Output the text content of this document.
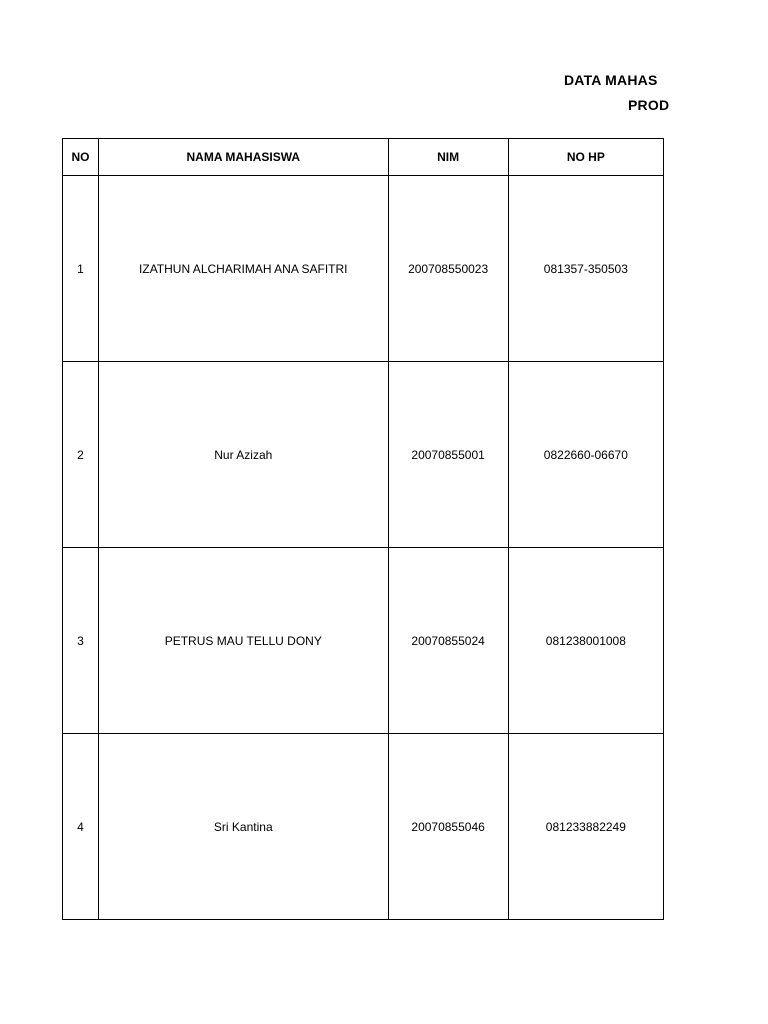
DATA MAHAS
PROD
NO	NAMA MAHASISWA	NIM	NO HP
1	IZATHUN ALCHARIMAH ANA SAFITRI	200708550023	081357-350503
2	Nur Azizah	20070855001	0822660-06670
3	PETRUS MAU TELLU DONY	20070855024	081238001008
4	Sri Kantina	20070855046	081233882249
